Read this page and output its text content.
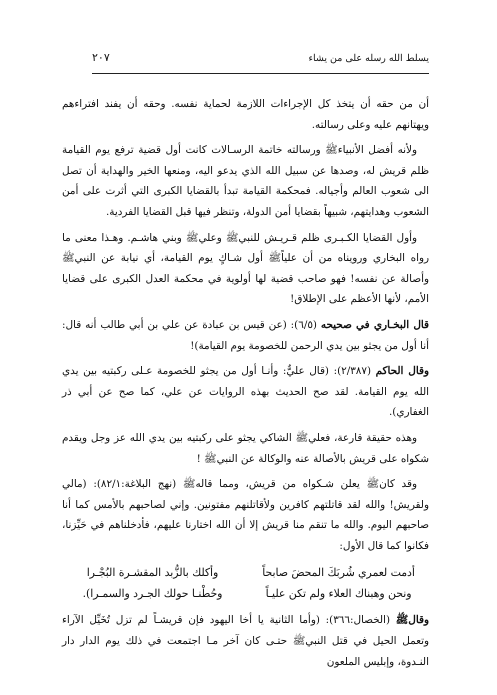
يسلط الله رسله على من يشاء
٢٠٧

أن من حقه أن يتخذ كل الإجراءات اللازمة لحماية نفسه. وحقه أن يفند افتراءهم ويهتانهم عليه وعلى رسالته.

ولأنه أفضل الأنبياءﷺ ورسالته خاتمة الرسـالات كانت أول قضية ترفع يوم القيامة ظلم قريش له، وصدها عن سبيل الله الذي يدعو اليه، ومنعها الخير والهداية أن تصل الى شعوب العالم وأجياله. فمحكمة القيامة تبدأ بالقضايا الكبرى التي أثرت على أمن الشعوب وهدايتهم، شبيهاً بقضايا أمن الدولة، وتنظر فيها قبل القضايا الفردية.

وأول القضايا الكـبـرى ظلم قـريـش للنبيﷺ وعليﷺ وبني هاشـم. وهـذا معنى ما رواه البخاري ورويناه من أن علياًﷺ أول شـاكٍ يوم القيامة، أي نيابة عن النبيﷺ وأصالة عن نفسه! فهو صاحب قضية لها أولوية في محكمة العدل الكبرى على قضايا الأمم، لأنها الأعظم على الإطلاق!

قال البخـاري في صحيحه (٦/٥): (عن قيس بن عبادة عن علي بن أبي طالب أنه قال: أنا أول من يجثو بين يدي الرحمن للخصومة يوم القيامة)!

وقال الحاكم (٢/٣٨٧): (قال عليٌّ: وأنـا أول من يجثو للخصومة عـلى ركبتيه بين يدي الله يوم القيامة. لقد صح الحديث بهذه الروايات عن علي، كما صح عن أبي ذر الغفاري).

وهذه حقيقة قارعة، فعليﷺ الشاكي يجثو على ركبتيه بين يدي الله عز وجل ويقدم شكواه على قريش بالأصالة عنه والوكالة عن النبيﷺ !

وقد كانﷺ يعلن شـكواه من قريش، ومما قالهﷺ (نهج البلاغة:٨٢/١): (مالي ولقريش! والله لقد قاتلتهم كافرين ولأقاتلنهم مفتونين. وإني لصاحبهم بالأمس كما أنا صاحبهم اليوم. والله ما تنقم منا قريش إلا أن الله اختارنا عليهم، فأدخلناهم في حَيِّزنا، فكانوا كما قال الأول:

أدمت لعمري شُربَكَ المحضَ صابحاً
وأكلك بالزُّبد المقشـرة البُجْـرا
ونحن وهبناك العلاء ولم تكن عليـاً
وحُطْنـا حولك الجـرد والسمـرا).

وقالﷺ (الخصال:٣٦٦): (وأما الثانية يا أخا اليهود فإن قريشـاً لم تزل تُخَيِّل الآراء وتعمل الحيل في قتل النبيﷺ حتـى كان آخر مـا اجتمعت في ذلك يوم الدار دار النـدوة، وإبليس الملعون
